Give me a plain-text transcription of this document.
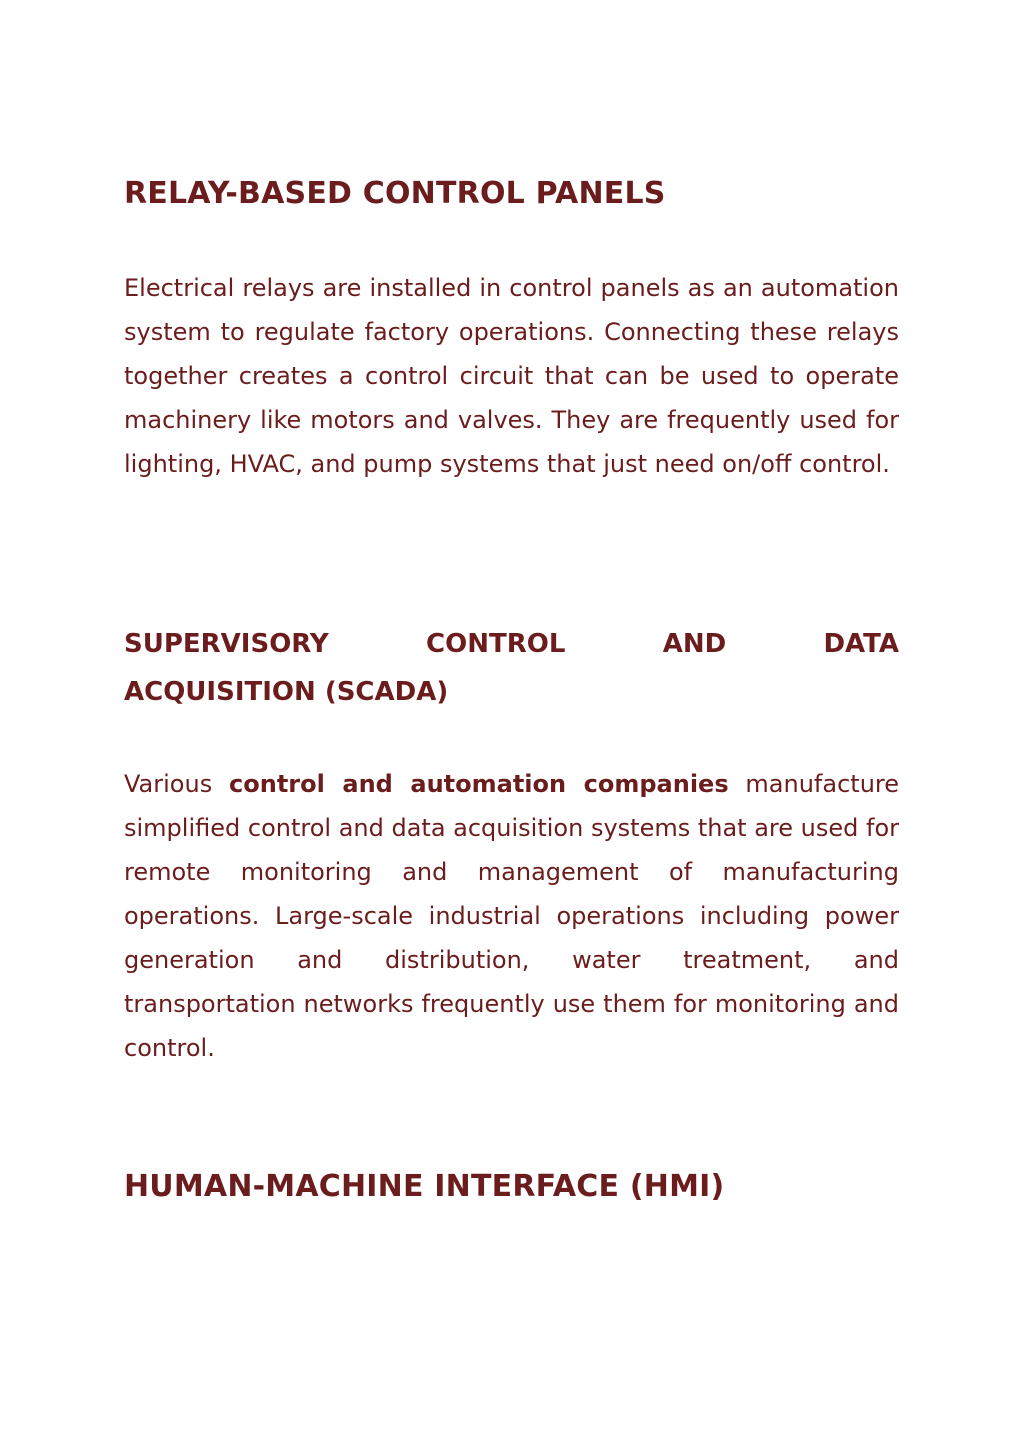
RELAY-BASED CONTROL PANELS

Electrical relays are installed in control panels as an automation system to regulate factory operations. Connecting these relays together creates a control circuit that can be used to operate machinery like motors and valves. They are frequently used for lighting, HVAC, and pump systems that just need on/off control.

SUPERVISORY	CONTROL	AND	DATA
ACQUISITION (SCADA)

Various control and automation companies manufacture simplified control and data acquisition systems that are used for remote monitoring and management of manufacturing operations. Large-scale industrial operations including power generation and distribution, water treatment, and transportation networks frequently use them for monitoring and control.

HUMAN-MACHINE INTERFACE (HMI)
